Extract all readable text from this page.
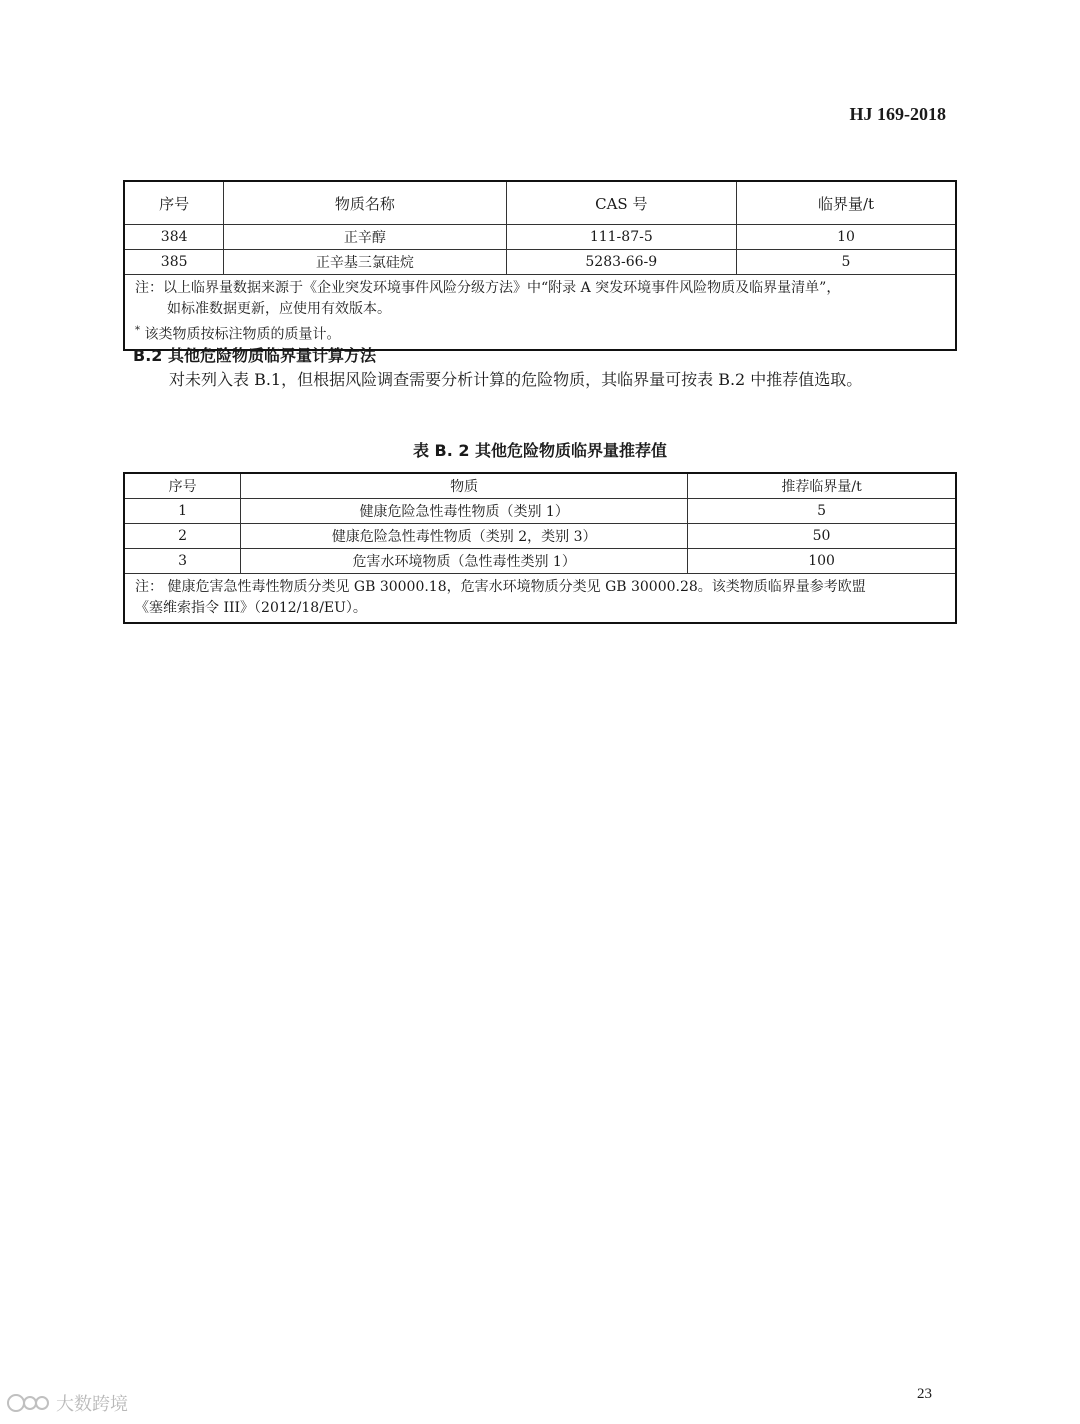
HJ 169-2018
序号	物质名称	CAS 号	临界量/t
384	正辛醇	111-87-5	10
385	正辛基三氯硅烷	5283-66-9	5
注：以上临界量数据来源于《企业突发环境事件风险分级方法》中“附录 A 突发环境事件风险物质及临界量清单”，
如标准数据更新，应使用有效版本。
* 该类物质按标注物质的质量计。			
B.2 其他危险物质临界量计算方法
对未列入表 B.1，但根据风险调查需要分析计算的危险物质，其临界量可按表 B.2 中推荐值选取。
表 B. 2 其他危险物质临界量推荐值
序号	物质	推荐临界量/t
1	健康危险急性毒性物质（类别 1）	5
2	健康危险急性毒性物质（类别 2，类别 3）	50
3	危害水环境物质（急性毒性类别 1）	100
注： 健康危害急性毒性物质分类见 GB 30000.18，危害水环境物质分类见 GB 30000.28。该类物质临界量参考欧盟
《塞维索指令 III》（2012/18/EU）。		
23
大数跨境
